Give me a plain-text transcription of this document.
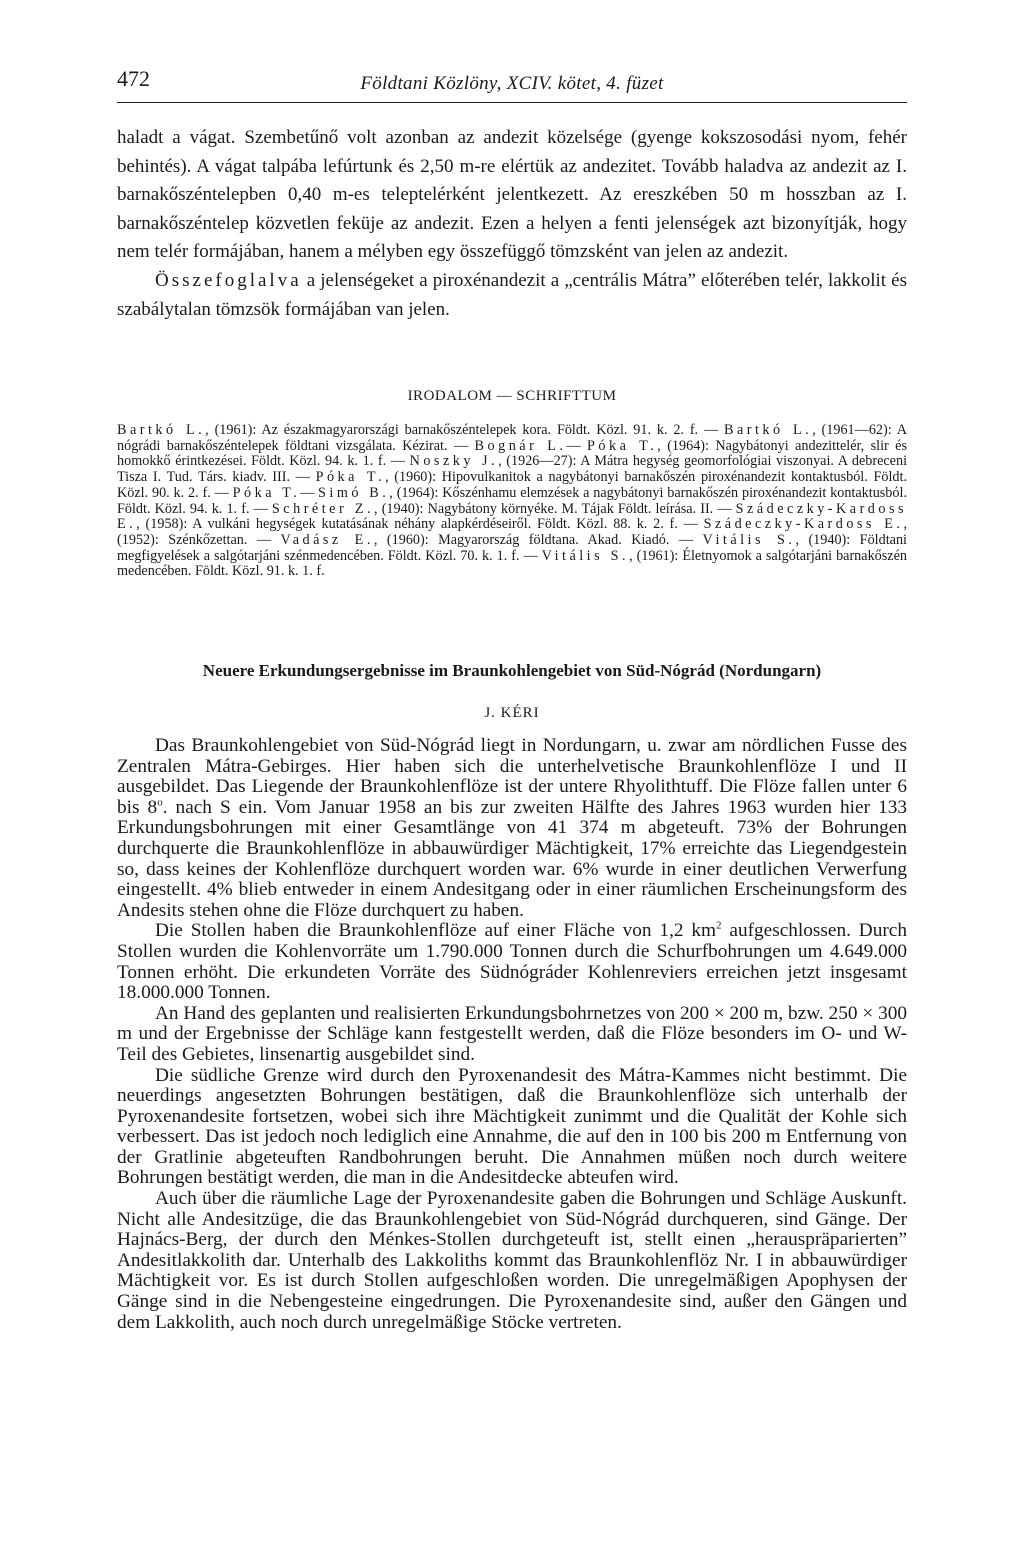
472	Földtani Közlöny, XCIV. kötet, 4. füzet

haladt a vágat. Szembetűnő volt azonban az andezit közelsége (gyenge kokszosodási nyom, fehér behintés). A vágat talpába lefúrtunk és 2,50 m-re elértük az andezitet. Tovább haladva az andezit az I. barnakőszéntelepben 0,40 m-es teleptelérként jelentkezett. Az ereszkében 50 m hosszban az I. barnakőszéntelep közvetlen feküje az andezit. Ezen a helyen a fenti jelenségek azt bizonyítják, hogy nem telér formájában, hanem a mélyben egy összefüggő tömzsként van jelen az andezit.

Összefoglalva a jelenségeket a piroxénandezit a „centrális Mátra” előterében telér, lakkolit és szabálytalan tömzsök formájában van jelen.

IRODALOM — SCHRIFTTUM

Bartkó L., (1961): Az északmagyarországi barnakőszéntelepek kora. Földt. Közl. 91. k. 2. f. — Bartkó L., (1961—62): A nógrádi barnakőszéntelepek földtani vizsgálata. Kézirat. — Bognár L.— Póka T., (1964): Nagybátonyi andezittelér, slir és homokkő érintkezései. Földt. Közl. 94. k. 1. f. — Noszky J., (1926—27): A Mátra hegység geomorfológiai viszonyai. A debreceni Tisza I. Tud. Társ. kiadv. III. — Póka T., (1960): Hipovulkanitok a nagybátonyi barnakőszén piroxénandezit kontaktusból. Földt. Közl. 90. k. 2. f. — Póka T.—Simó B., (1964): Kőszénhamu elemzések a nagybátonyi barnakőszén piroxénandezit kontaktusból. Földt. Közl. 94. k. 1. f. — Schréter Z., (1940): Nagybátony környéke. M. Tájak Földt. leírása. II. — Szádeczky-Kardoss E., (1958): A vulkáni hegységek kutatásának néhány alapkérdéseiről. Földt. Közl. 88. k. 2. f. — Szádeczky-Kardoss E., (1952): Szénkőzettan. — Vadász E., (1960): Magyarország földtana. Akad. Kiadó. — Vitális S., (1940): Földtani megfigyelések a salgótarjáni szénmedencében. Földt. Közl. 70. k. 1. f. — Vitális S., (1961): Életnyomok a salgótarjáni barnakőszén medencében. Földt. Közl. 91. k. 1. f.

Neuere Erkundungsergebnisse im Braunkohlengebiet von Süd-Nógrád (Nordungarn)
J. KÉRI

Das Braunkohlengebiet von Süd-Nógrád liegt in Nordungarn, u. zwar am nördlichen Fusse des Zentralen Mátra-Gebirges. Hier haben sich die unterhelvetische Braunkohlenflöze I und II ausgebildet. Das Liegende der Braunkohlenflöze ist der untere Rhyolithtuff. Die Flöze fallen unter 6 bis 8$^o$. nach S ein. Vom Januar 1958 an bis zur zweiten Hälfte des Jahres 1963 wurden hier 133 Erkundungsbohrungen mit einer Gesamtlänge von 41 374 m abgeteuft. 73% der Bohrungen durchquerte die Braunkohlenflöze in abbauwürdiger Mächtigkeit, 17% erreichte das Liegendgestein so, dass keines der Kohlenflöze durchquert worden war. 6% wurde in einer deutlichen Verwerfung eingestellt. 4% blieb entweder in einem Andesitgang oder in einer räumlichen Erscheinungsform des Andesits stehen ohne die Flöze durchquert zu haben.

Die Stollen haben die Braunkohlenflöze auf einer Fläche von 1,2 $km^2$ aufgeschlossen. Durch Stollen wurden die Kohlenvorräte um 1.790.000 Tonnen durch die Schurfbohrungen um 4.649.000 Tonnen erhöht. Die erkundeten Vorräte des Südnógráder Kohlenreviers erreichen jetzt insgesamt 18.000.000 Tonnen.

An Hand des geplanten und realisierten Erkundungsbohrnetzes von 200 × 200 m, bzw. 250 × 300 m und der Ergebnisse der Schläge kann festgestellt werden, daß die Flöze besonders im O- und W-Teil des Gebietes, linsenartig ausgebildet sind.

Die südliche Grenze wird durch den Pyroxenandesit des Mátra-Kammes nicht bestimmt. Die neuerdings angesetzten Bohrungen bestätigen, daß die Braunkohlenflöze sich unterhalb der Pyroxenandesite fortsetzen, wobei sich ihre Mächtigkeit zunimmt und die Qualität der Kohle sich verbessert. Das ist jedoch noch lediglich eine Annahme, die auf den in 100 bis 200 m Entfernung von der Gratlinie abgeteuften Randbohrungen beruht. Die Annahmen müßen noch durch weitere Bohrungen bestätigt werden, die man in die Andesitdecke abteufen wird.

Auch über die räumliche Lage der Pyroxenandesite gaben die Bohrungen und Schläge Auskunft. Nicht alle Andesitzüge, die das Braunkohlengebiet von Süd-Nógrád durchqueren, sind Gänge. Der Hajnács-Berg, der durch den Ménkes-Stollen durchgeteuft ist, stellt einen „herauspräparierten” Andesitlakkolith dar. Unterhalb des Lakkoliths kommt das Braunkohlenflöz Nr. I in abbauwürdiger Mächtigkeit vor. Es ist durch Stollen aufgeschloßen worden. Die unregelmäßigen Apophysen der Gänge sind in die Nebengesteine eingedrungen. Die Pyroxenandesite sind, außer den Gängen und dem Lakkolith, auch noch durch unregelmäßige Stöcke vertreten.
